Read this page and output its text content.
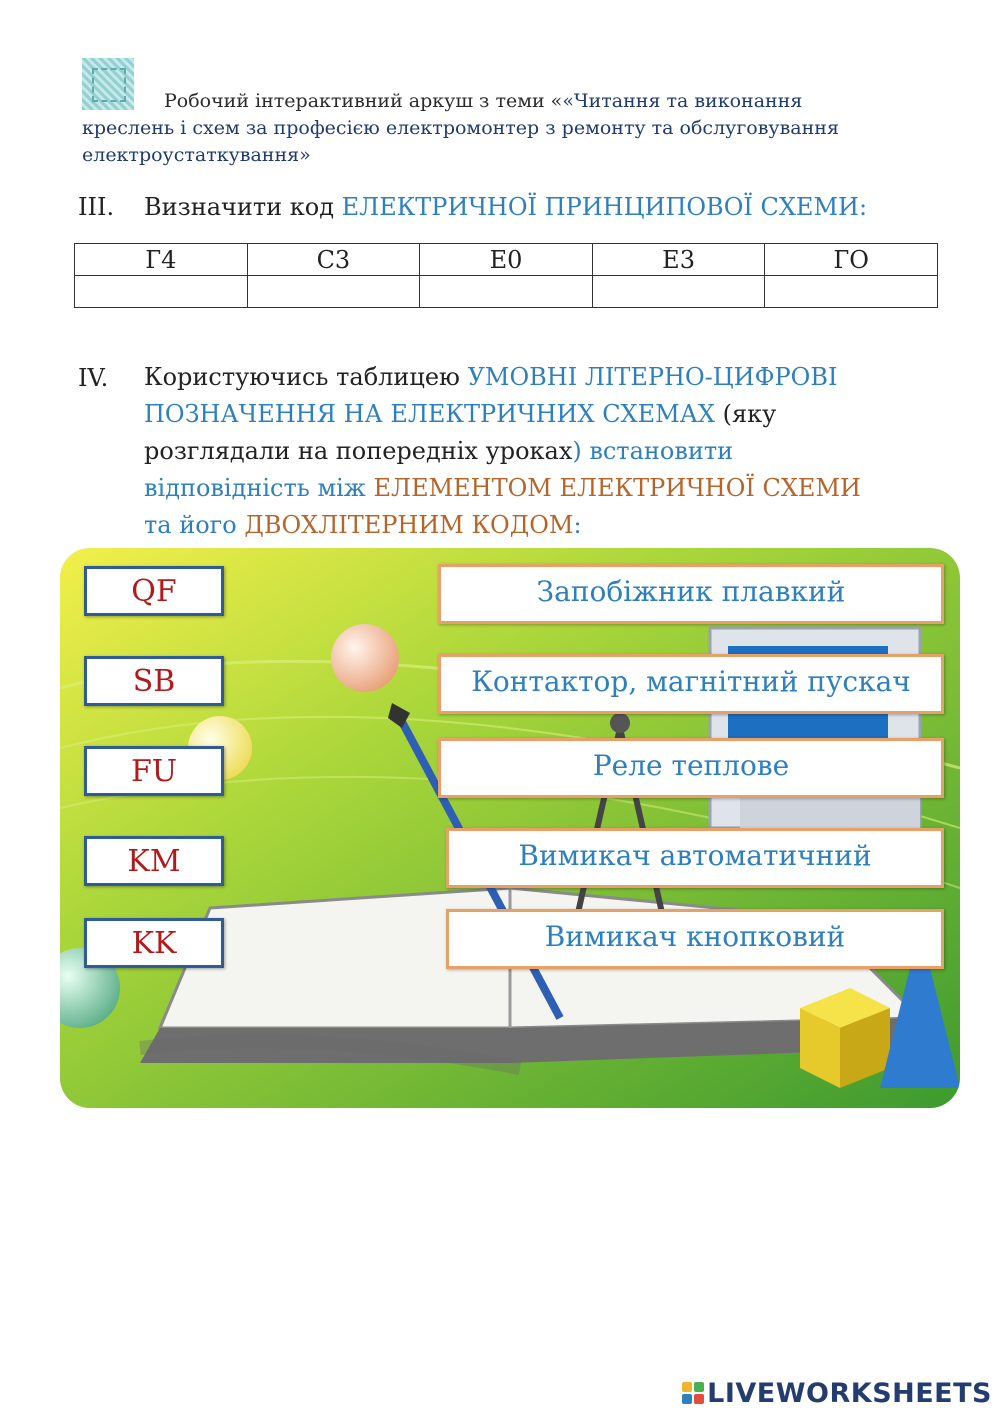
Робочий інтерактивний аркуш з теми ««Читання та виконання
креслень і схем за професією електромонтер з ремонту та обслуговування
електроустаткування»
III. Визначити код ЕЛЕКТРИЧНОЇ ПРИНЦИПОВОЇ СХЕМИ:
Г4	С3	Е0	Е3	ГО

IV. Користуючись таблицею УМОВНІ ЛІТЕРНО-ЦИФРОВІ
ПОЗНАЧЕННЯ НА ЕЛЕКТРИЧНИХ СХЕМАХ (яку
розглядали на попередніх уроках) встановити
відповідність між ЕЛЕМЕНТОМ ЕЛЕКТРИЧНОЇ СХЕМИ
та його ДВОХЛІТЕРНИМ КОДОМ:
QF
SB
FU
KM
KK
Запобіжник плавкий
Контактор, магнітний пускач
Реле теплове
Вимикач автоматичний
Вимикач кнопковий
LIVEWORKSHEETS
